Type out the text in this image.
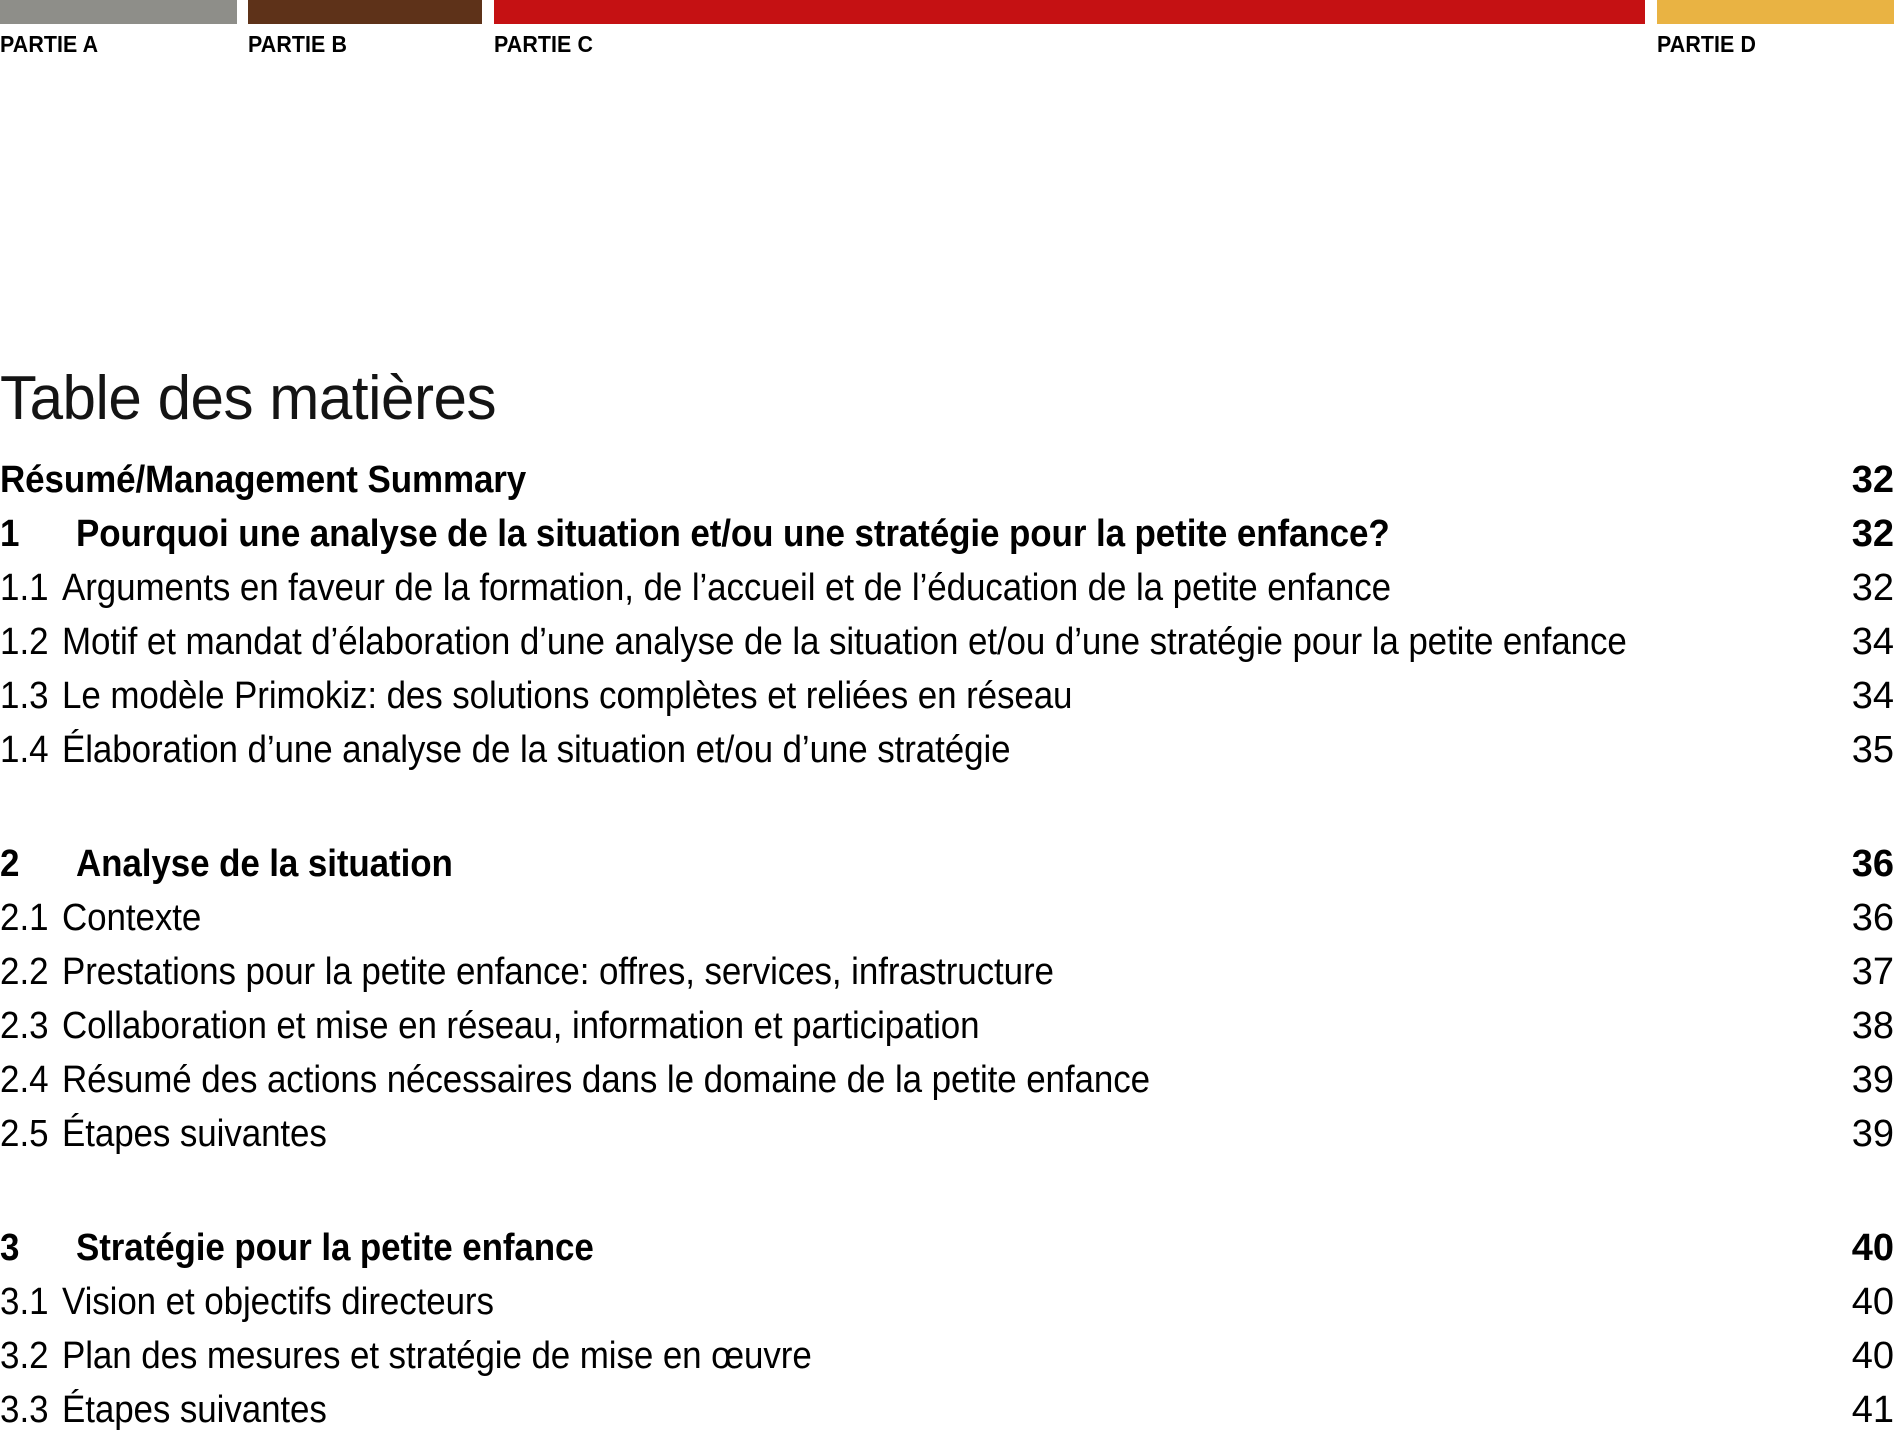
PARTIE A	PARTIE B	PARTIE C	PARTIE D
Table des matières
Résumé/Management Summary	32
1 Pourquoi une analyse de la situation et/ou une stratégie pour la petite enfance?	32
1.1 Arguments en faveur de la formation, de l’accueil et de l’éducation de la petite enfance	32
1.2 Motif et mandat d’élaboration d’une analyse de la situation et/ou d’une stratégie pour la petite enfance	34
1.3 Le modèle Primokiz: des solutions complètes et reliées en réseau	34
1.4 Élaboration d’une analyse de la situation et/ou d’une stratégie	35
2 Analyse de la situation	36
2.1 Contexte	36
2.2 Prestations pour la petite enfance: offres, services, infrastructure	37
2.3 Collaboration et mise en réseau, information et participation	38
2.4 Résumé des actions nécessaires dans le domaine de la petite enfance	39
2.5 Étapes suivantes	39
3 Stratégie pour la petite enfance	40
3.1 Vision et objectifs directeurs	40
3.2 Plan des mesures et stratégie de mise en œuvre	40
3.3 Étapes suivantes	41
